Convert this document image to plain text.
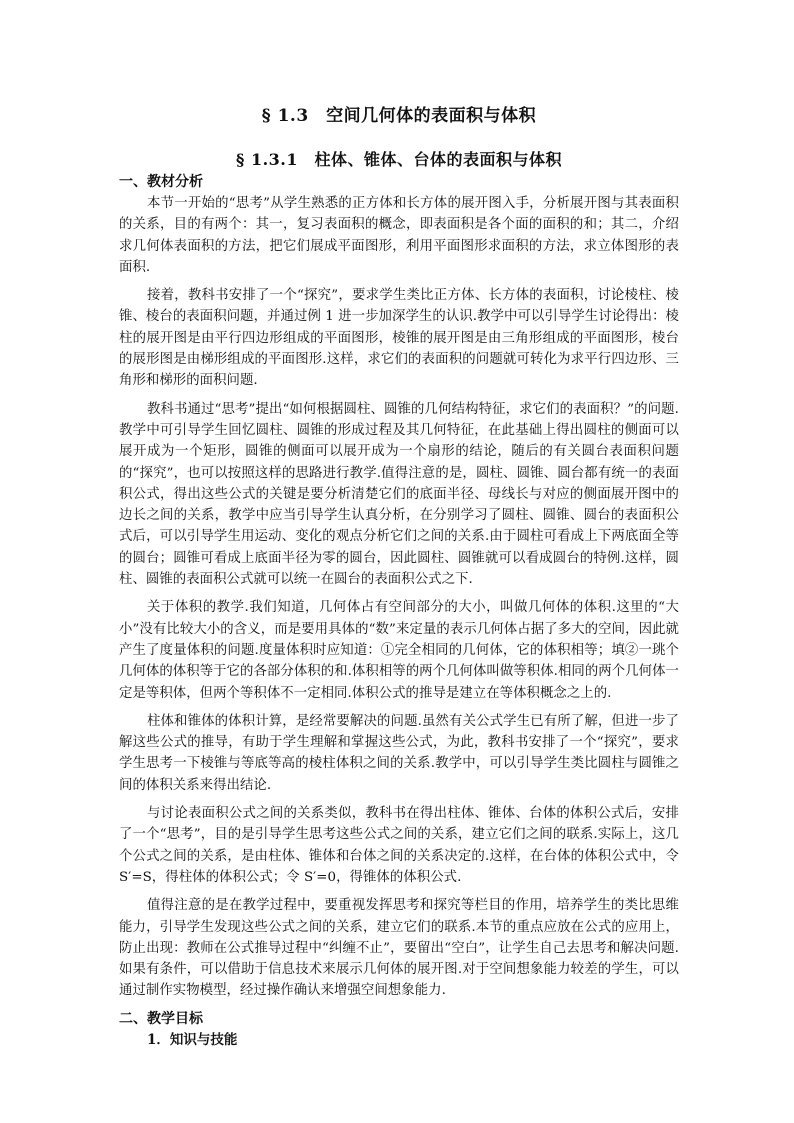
§ 1.3　空间几何体的表面积与体积
§ 1.3.1　柱体、锥体、台体的表面积与体积
一、教材分析

本节一开始的“思考”从学生熟悉的正方体和长方体的展开图入手，分析展开图与其表面积的关系，目的有两个：其一，复习表面积的概念，即表面积是各个面的面积的和；其二，介绍求几何体表面积的方法，把它们展成平面图形，利用平面图形求面积的方法，求立体图形的表面积.

接着，教科书安排了一个“探究”，要求学生类比正方体、长方体的表面积，讨论棱柱、棱锥、棱台的表面积问题，并通过例 1 进一步加深学生的认识.教学中可以引导学生讨论得出：棱柱的展开图是由平行四边形组成的平面图形，棱锥的展开图是由三角形组成的平面图形，棱台的展形图是由梯形组成的平面图形.这样，求它们的表面积的问题就可转化为求平行四边形、三角形和梯形的面积问题.

教科书通过“思考”提出“如何根据圆柱、圆锥的几何结构特征，求它们的表面积？”的问题.教学中可引导学生回忆圆柱、圆锥的形成过程及其几何特征，在此基础上得出圆柱的侧面可以展开成为一个矩形，圆锥的侧面可以展开成为一个扇形的结论，随后的有关圆台表面积问题的“探究”，也可以按照这样的思路进行教学.值得注意的是，圆柱、圆锥、圆台都有统一的表面积公式，得出这些公式的关键是要分析清楚它们的底面半径、母线长与对应的侧面展开图中的边长之间的关系，教学中应当引导学生认真分析，在分别学习了圆柱、圆锥、圆台的表面积公式后，可以引导学生用运动、变化的观点分析它们之间的关系.由于圆柱可看成上下两底面全等的圆台；圆锥可看成上底面半径为零的圆台，因此圆柱、圆锥就可以看成圆台的特例.这样，圆柱、圆锥的表面积公式就可以统一在圆台的表面积公式之下.

关于体积的教学.我们知道，几何体占有空间部分的大小，叫做几何体的体积.这里的“大小”没有比较大小的含义，而是要用具体的“数”来定量的表示几何体占据了多大的空间，因此就产生了度量体积的问题.度量体积时应知道：①完全相同的几何体，它的体积相等；填②一珧个几何体的体积等于它的各部分体积的和.体积相等的两个几何体叫做等积体.相同的两个几何体一定是等积体，但两个等积体不一定相同.体积公式的推导是建立在等体积概念之上的.

柱体和锥体的体积计算，是经常要解决的问题.虽然有关公式学生已有所了解，但进一步了解这些公式的推导，有助于学生理解和掌握这些公式，为此，教科书安排了一个“探究”，要求学生思考一下棱锥与等底等高的棱柱体积之间的关系.教学中，可以引导学生类比圆柱与圆锥之间的体积关系来得出结论.

与讨论表面积公式之间的关系类似，教科书在得出柱体、锥体、台体的体积公式后，安排了一个“思考”，目的是引导学生思考这些公式之间的关系，建立它们之间的联系.实际上，这几个公式之间的关系，是由柱体、锥体和台体之间的关系决定的.这样，在台体的体积公式中，令 S′=S，得柱体的体积公式；令 S′=0，得锥体的体积公式.

值得注意的是在教学过程中，要重视发挥思考和探究等栏目的作用，培养学生的类比思维能力，引导学生发现这些公式之间的关系，建立它们的联系.本节的重点应放在公式的应用上，防止出现：教师在公式推导过程中“纠缠不止”，要留出“空白”，让学生自己去思考和解决问题.如果有条件，可以借助于信息技术来展示几何体的展开图.对于空间想象能力较差的学生，可以通过制作实物模型，经过操作确认来增强空间想象能力.

二、教学目标
1．知识与技能
